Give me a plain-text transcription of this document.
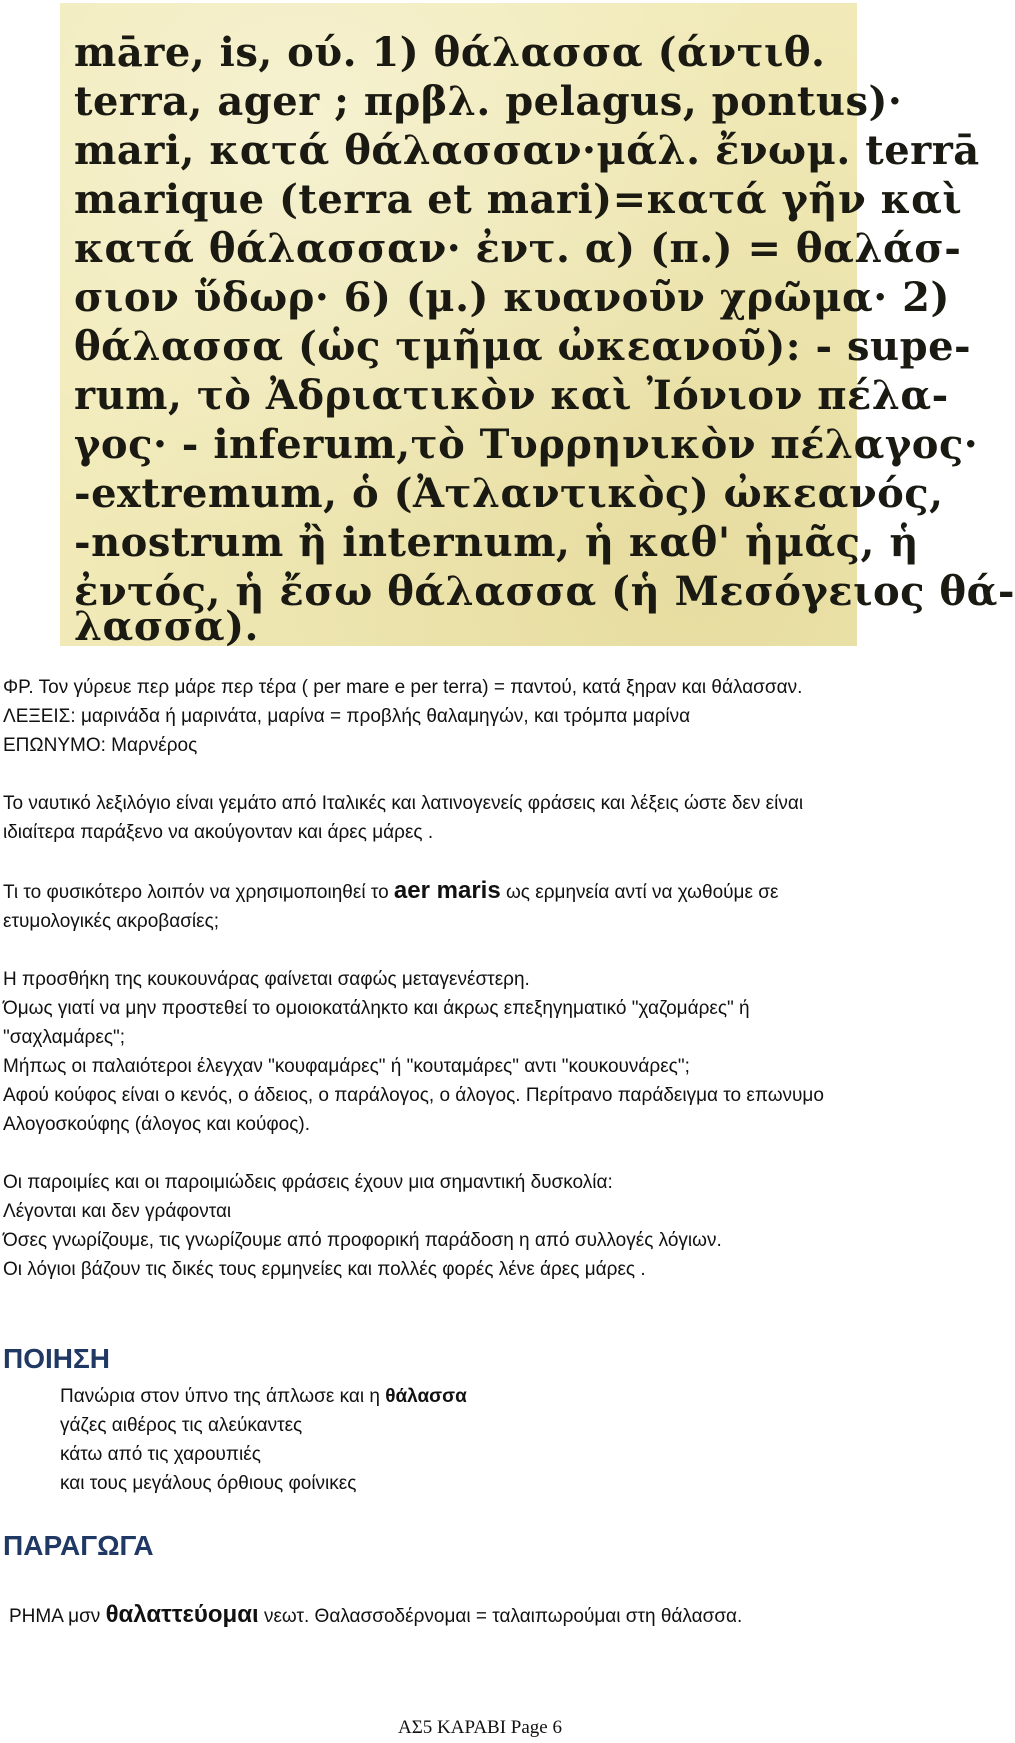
māre, is, ού. 1) θάλασσα (άντιθ.
terra, ager ; πρβλ. pelagus, pontus)·
mari, κατά θάλασσαν·μάλ. ἔνωμ. terrā
marique (terra et mari)=κατά γῆν καὶ
κατά θάλασσαν· ἐντ. α) (π.) = θαλάσ-
σιον ὕδωρ· 6) (μ.) κυανοῦν χρῶμα· 2)
θάλασσα (ὡς τμῆμα ὠκεανοῦ): - supe-
rum, τὸ Ἀδριατικὸν καὶ Ἰόνιον πέλα-
γος· - inferum,τὸ Τυρρηνικὸν πέλαγος·
-extremum, ὁ (Ἀτλαντικὸς) ὠκεανός,
-nostrum ἢ internum, ἡ καθ' ἡμᾶς, ἡ
ἐντός, ἡ ἔσω θάλασσα (ἡ Μεσόγειος θά-
λασσα).

ΦΡ. Τον γύρευε περ μάρε περ τέρα ( per mare e per terra) = παντού, κατά ξηραν και θάλασσαν.

ΛΕΞΕΙΣ: μαρινάδα ή μαρινάτα, μαρίνα = προβλής θαλαμηγών, και τρόμπα μαρίνα

ΕΠΩΝΥΜΟ: Μαρνέρος

Το ναυτικό λεξιλόγιο είναι γεμάτο από Ιταλικές και λατινογενείς φράσεις και λέξεις ώστε δεν είναι

ιδιαίτερα παράξενο να ακούγονταν και άρες μάρες .

Τι το φυσικότερο λοιπόν να χρησιμοποιηθεί το aer maris ως ερμηνεία αντί να χωθούμε σε

ετυμολογικές ακροβασίες;

Η προσθήκη της κουκουνάρας φαίνεται σαφώς μεταγενέστερη.

Όμως γιατί να μην προστεθεί το ομοιοκατάληκτο και άκρως επεξηγηματικό "χαζομάρες" ή

"σαχλαμάρες";

Μήπως οι παλαιότεροι έλεγχαν "κουφαμάρες" ή "κουταμάρες" αντι "κουκουνάρες";

Αφού κούφος είναι ο κενός, ο άδειος, ο παράλογος, ο άλογος. Περίτρανο παράδειγμα το επωνυμο

Αλογοσκούφης (άλογος και κούφος).

Οι παροιμίες και οι παροιμιώδεις φράσεις έχουν μια σημαντική δυσκολία:

Λέγονται και δεν γράφονται

Όσες γνωρίζουμε, τις γνωρίζουμε από προφορική παράδοση η από συλλογές λόγιων.

Οι λόγιοι βάζουν τις δικές τους ερμηνείες και πολλές φορές λένε άρες μάρες .

ΠΟΙΗΣΗ

Πανώρια στον ύπνο της άπλωσε και η θάλασσα

γάζες αιθέρος τις αλεύκαντες

κάτω από τις χαρουπιές

και τους μεγάλους όρθιους φοίνικες

ΠΑΡΑΓΩΓΑ

ΡΗΜΑ μσν θαλαττεύομαι νεωτ. Θαλασσοδέρνομαι = ταλαιπωρούμαι στη θάλασσα.

ΑΣ5 ΚΑΡΑΒΙ Page 6
